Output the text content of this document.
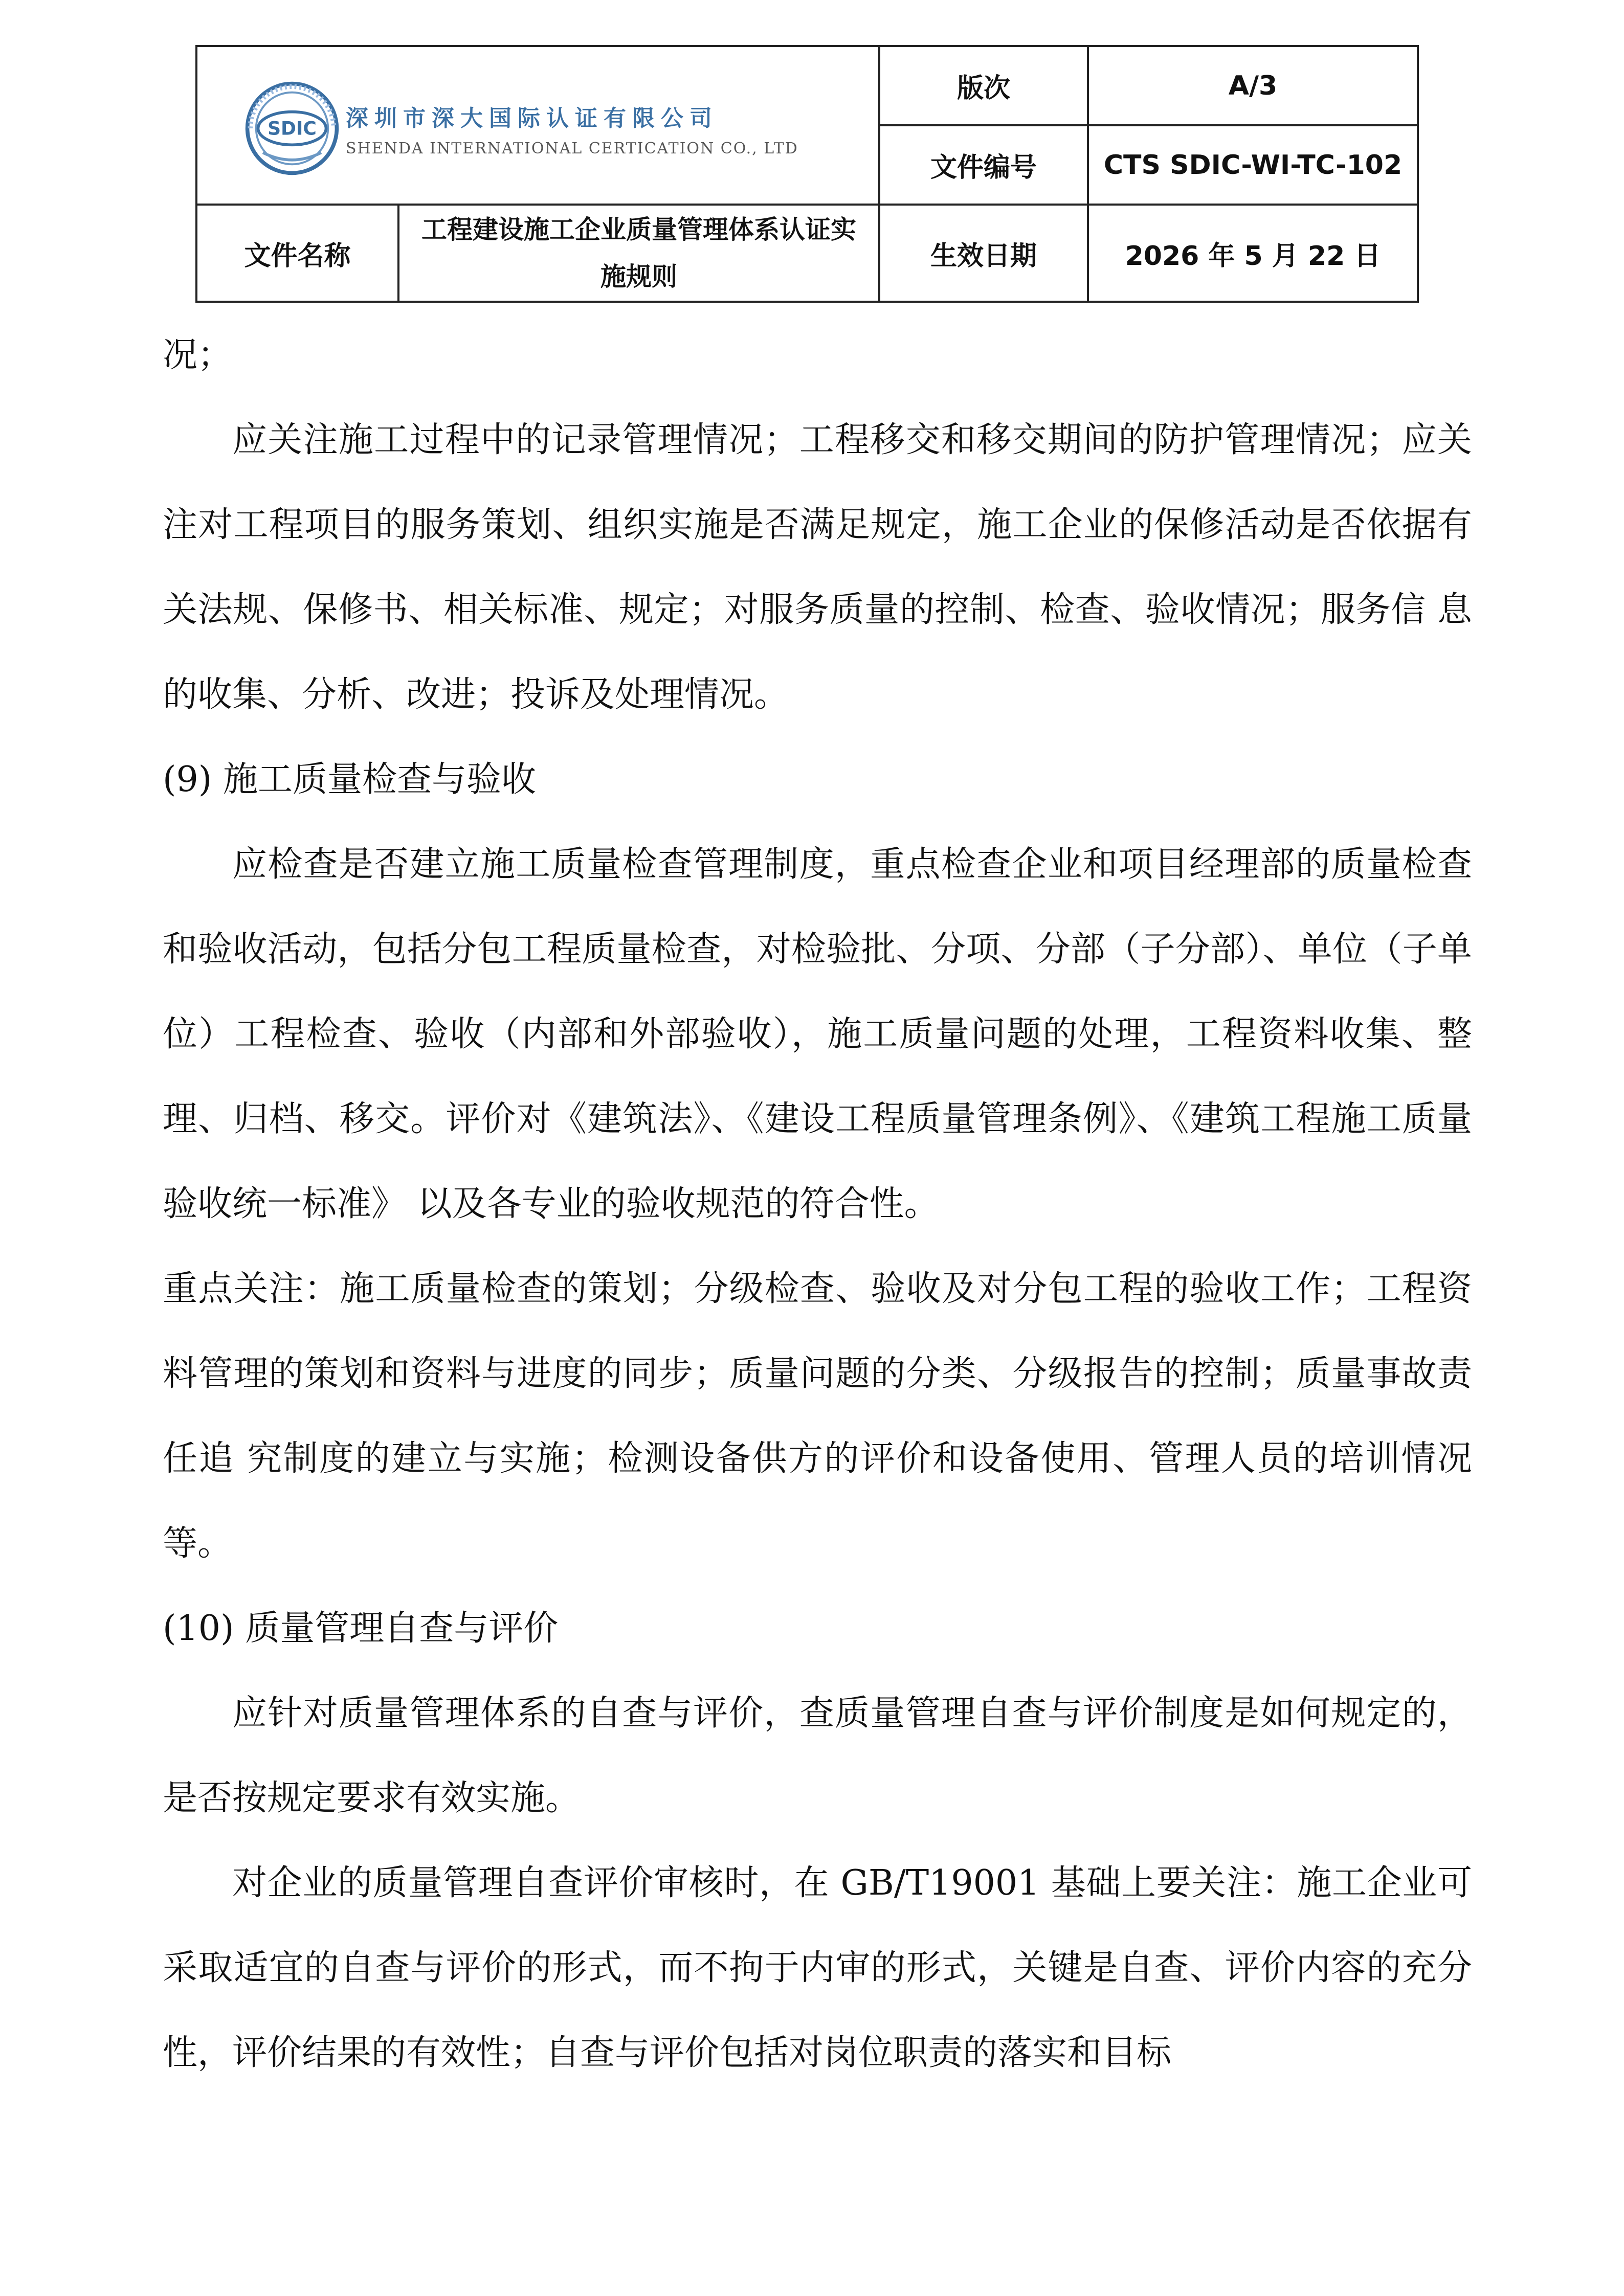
SDIC 深圳市深大国际认证有限公司
SHENDA INTERNATIONAL CERTICATION CO., LTD		版次	A/3
		文件编号	CTS SDIC-WI-TC-102
文件名称	工程建设施工企业质量管理体系认证实施规则	生效日期	2026 年 5 月 22 日

况；

应关注施工过程中的记录管理情况；工程移交和移交期间的防护管理情况；应关注对工程项目的服务策划、组织实施是否满足规定，施工企业的保修活动是否依据有关法规、保修书、相关标准、规定；对服务质量的控制、检查、验收情况；服务信 息的收集、分析、改进；投诉及处理情况。

(9) 施工质量检查与验收

应检查是否建立施工质量检查管理制度，重点检查企业和项目经理部的质量检查和验收活动，包括分包工程质量检查，对检验批、分项、分部（子分部）、单位（子单位）工程检查、验收（内部和外部验收），施工质量问题的处理，工程资料收集、整理、归档、移交。评价对《建筑法》、《建设工程质量管理条例》、《建筑工程施工质量验收统一标准》 以及各专业的验收规范的符合性。

重点关注：施工质量检查的策划；分级检查、验收及对分包工程的验收工作；工程资 料管理的策划和资料与进度的同步；质量问题的分类、分级报告的控制；质量事故责任追 究制度的建立与实施；检测设备供方的评价和设备使用、管理人员的培训情况等。

(10) 质量管理自查与评价

应针对质量管理体系的自查与评价，查质量管理自查与评价制度是如何规定的，是否按规定要求有效实施。

对企业的质量管理自查评价审核时，在 GB/T19001 基础上要关注：施工企业可采取适宜的自查与评价的形式，而不拘于内审的形式，关键是自查、评价内容的充分性，评价结果的有效性；自查与评价包括对岗位职责的落实和目标
